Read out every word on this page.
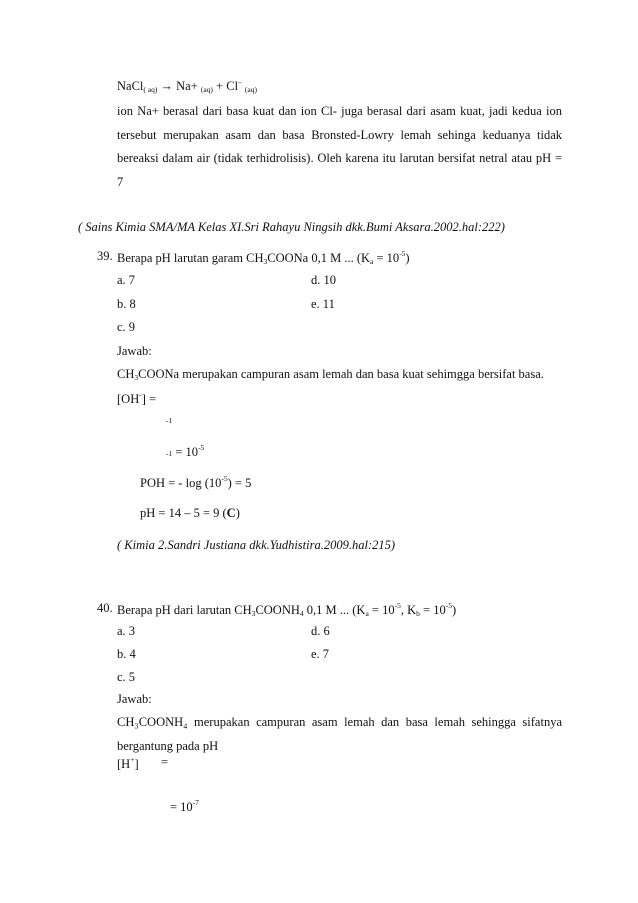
NaCl$_{( aq)}$ → Na+ $_{(aq)}$ + Cl– $_{(aq)}$
ion Na+ berasal dari basa kuat dan ion Cl- juga berasal dari asam kuat, jadi kedua ion tersebut merupakan asam dan basa Bronsted-Lowry lemah sehinga keduanya tidak bereaksi dalam air (tidak terhidrolisis). Oleh karena itu larutan bersifat netral atau pH = 7
( Sains Kimia SMA/MA Kelas XI.Sri Rahayu Ningsih dkk.Bumi Aksara.2002.hal:222)
39. Berapa pH larutan garam $CH_3COONa$ 0,1 M ... $(K_a = 10^{-5})$
a. 7	d. 10
b. 8	e. 11
c. 9
Jawab:
$CH_3COONa$ merupakan campuran asam lemah dan basa kuat sehimgga bersifat basa.
[OH-] =
-1
$-1 = 10^{-5}$
POH = - $\log (10^{-5}) = 5$
pH = 14 – 5 = 9 (C)
( Kimia 2.Sandri Justiana dkk.Yudhistira.2009.hal:215)
40. Berapa pH dari larutan $CH_3COONH_4$ 0,1 M ... ($K_a = 10^{-5}$, $K_b = 10^{-5}$)
a. 3	d. 6
b. 4	e. 7
c. 5
Jawab:
CH₃COONH₄ merupakan campuran asam lemah dan basa lemah sehingga sifatnya bergantung pada pH
[H+] =
= $10^{-7}$
